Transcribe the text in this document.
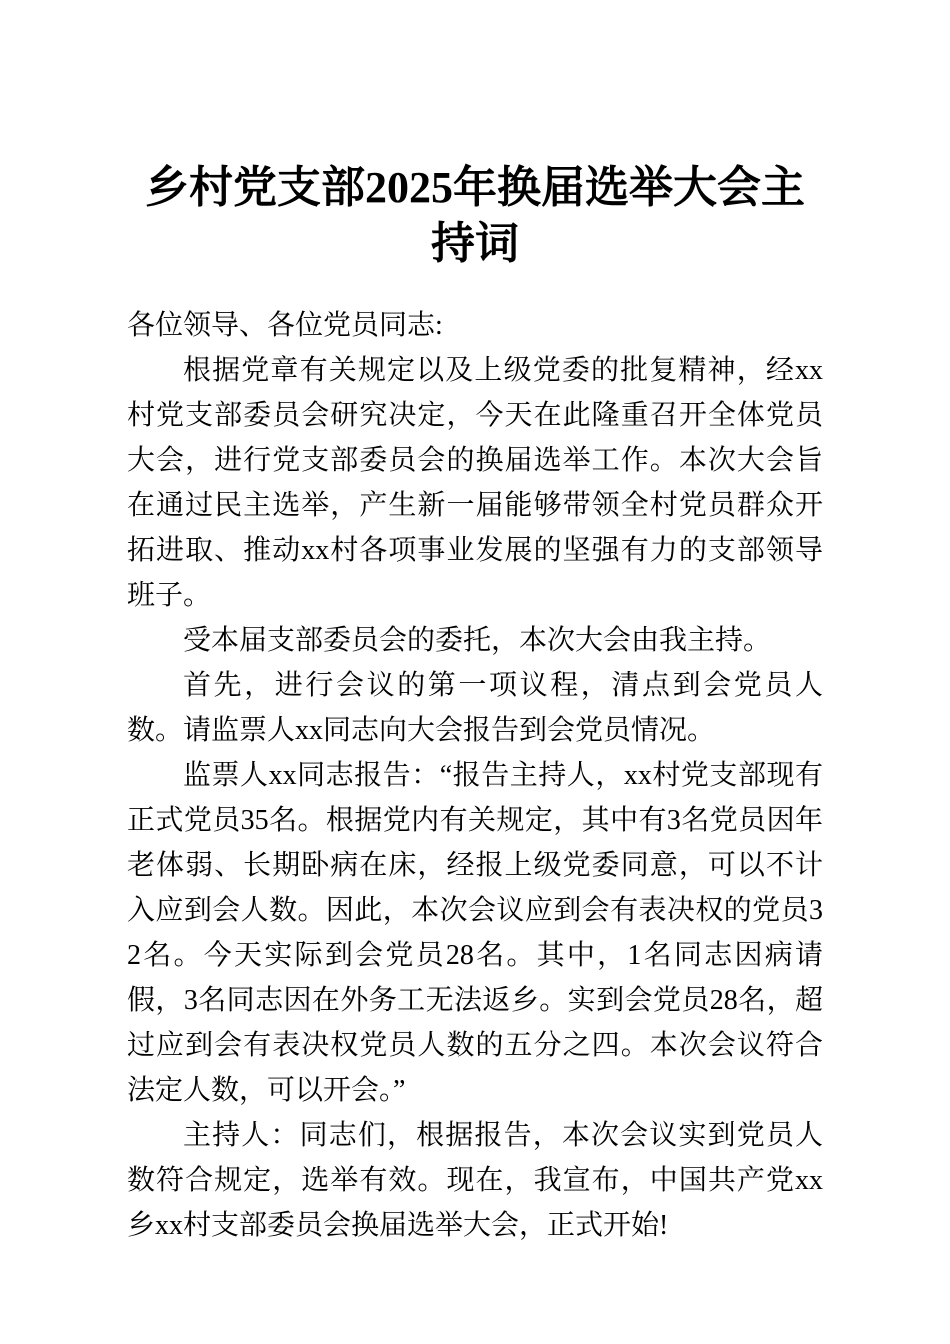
乡村党支部2025年换届选举大会主持词

各位领导、各位党员同志:

根据党章有关规定以及上级党委的批复精神，经xx村党支部委员会研究决定，今天在此隆重召开全体党员大会，进行党支部委员会的换届选举工作。本次大会旨在通过民主选举，产生新一届能够带领全村党员群众开拓进取、推动xx村各项事业发展的坚强有力的支部领导班子。

受本届支部委员会的委托，本次大会由我主持。

首先，进行会议的第一项议程，清点到会党员人数。请监票人xx同志向大会报告到会党员情况。

监票人xx同志报告：“报告主持人，xx村党支部现有正式党员35名。根据党内有关规定，其中有3名党员因年老体弱、长期卧病在床，经报上级党委同意，可以不计入应到会人数。因此，本次会议应到会有表决权的党员32名。今天实际到会党员28名。其中，1名同志因病请假，3名同志因在外务工无法返乡。实到会党员28名，超过应到会有表决权党员人数的五分之四。本次会议符合法定人数，可以开会。”

主持人：同志们，根据报告，本次会议实到党员人数符合规定，选举有效。现在，我宣布，中国共产党xx乡xx村支部委员会换届选举大会，正式开始!
